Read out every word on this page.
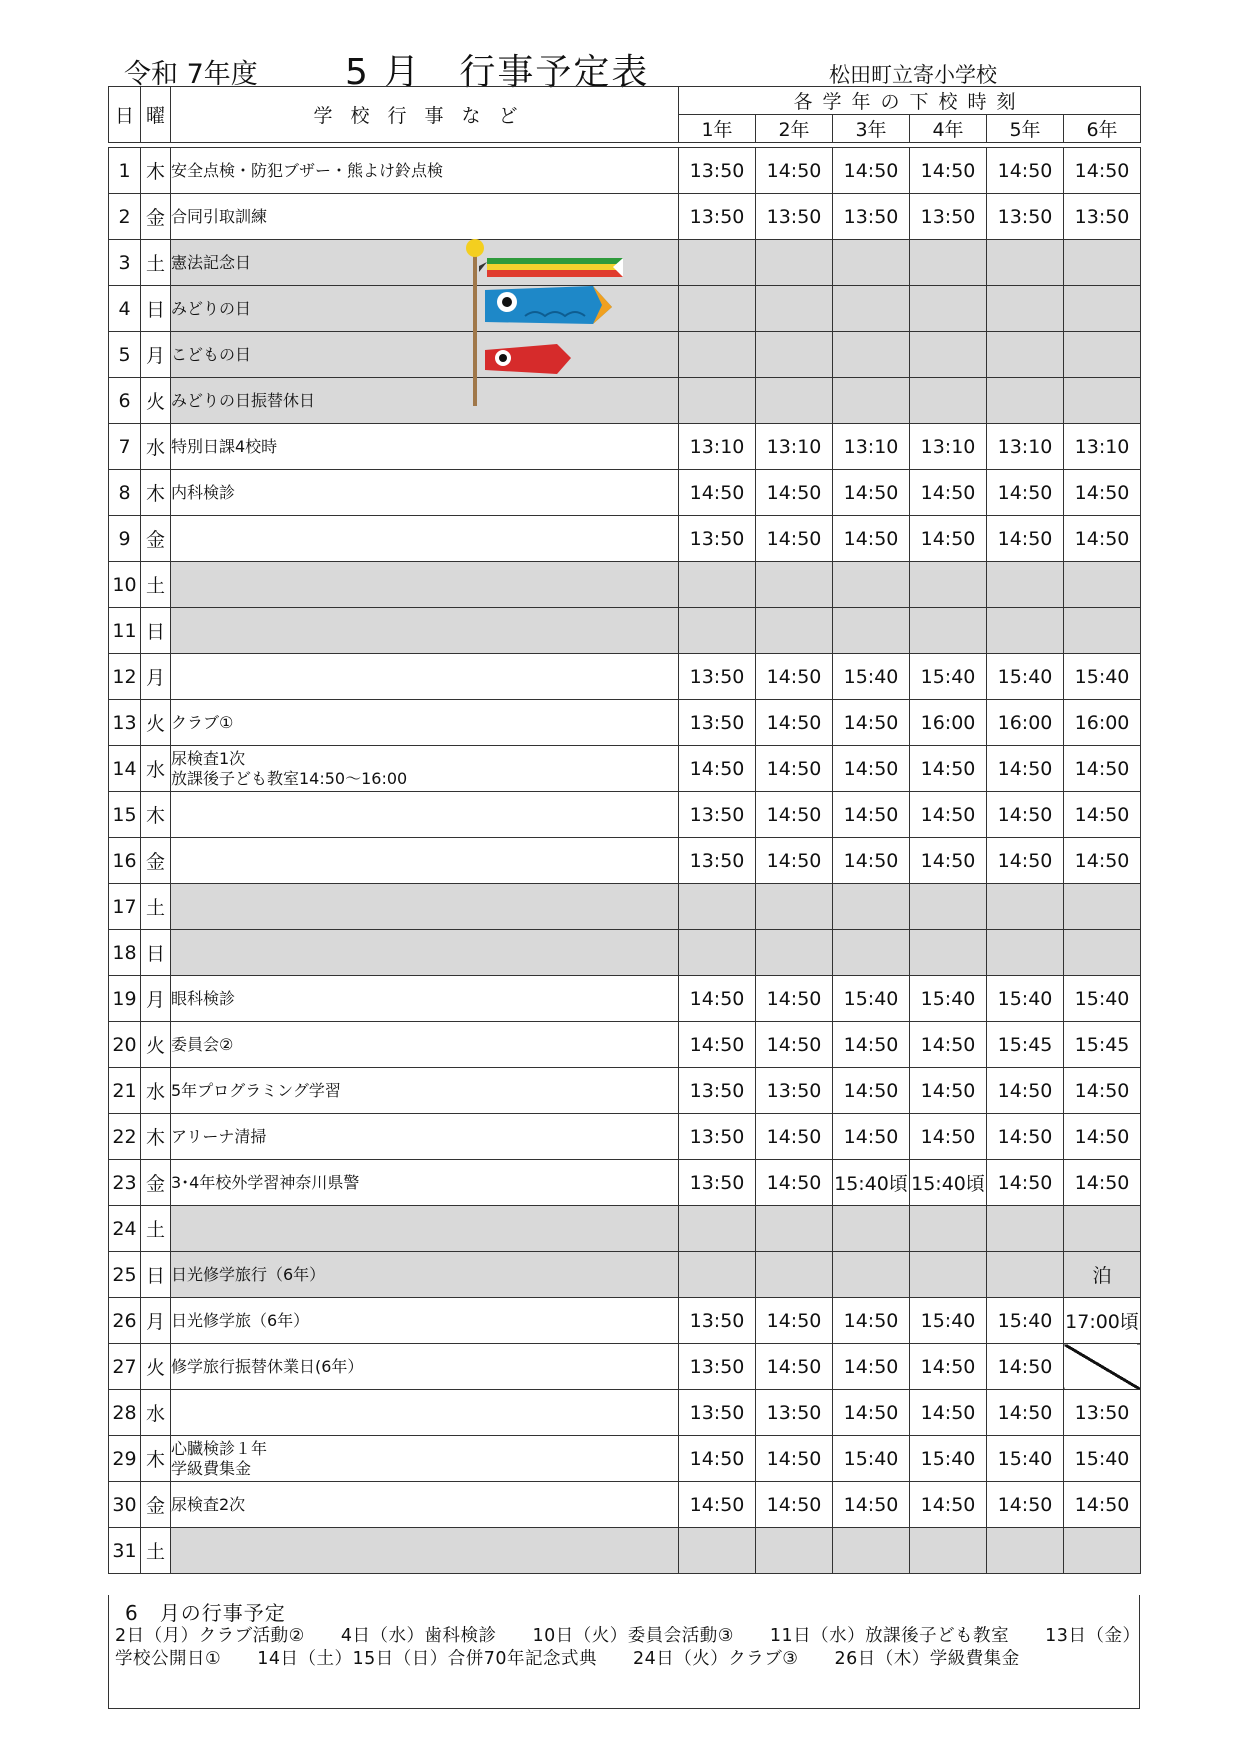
令和 7年度 5 月　行事予定表	松田町立寄小学校
日	曜	学校行事など	各学年の下校時刻					
			1年	2年	3年	4年	5年	6年

1	木	安全点検・防犯ブザー・熊よけ鈴点検	13:50	14:50	14:50	14:50	14:50	14:50
2	金	合同引取訓練	13:50	13:50	13:50	13:50	13:50	13:50
3	土	憲法記念日						

4	日	みどりの日						

5	月	こどもの日						

6	火	みどりの日振替休日						

7	水	特別日課4校時	13:10	13:10	13:10	13:10	13:10	13:10
8	木	内科検診	14:50	14:50	14:50	14:50	14:50	14:50
9	金		13:50	14:50	14:50	14:50	14:50	14:50
10	土	

11	日	

12	月		13:50	14:50	15:40	15:40	15:40	15:40
13	火	クラブ①	13:50	14:50	14:50	16:00	16:00	16:00
14	水	尿検査1次
放課後子ども教室14:50～16:00	14:50	14:50	14:50	14:50	14:50	14:50
15	木		13:50	14:50	14:50	14:50	14:50	14:50
16	金		13:50	14:50	14:50	14:50	14:50	14:50
17	土	

18	日	

19	月	眼科検診	14:50	14:50	15:40	15:40	15:40	15:40
20	火	委員会②	14:50	14:50	14:50	14:50	15:45	15:45
21	水	5年プログラミング学習	13:50	13:50	14:50	14:50	14:50	14:50
22	木	アリーナ清掃	13:50	14:50	14:50	14:50	14:50	14:50
23	金	3･4年校外学習神奈川県警	13:50	14:50	15:40頃	15:40頃	14:50	14:50
24	土	

25	日	日光修学旅行（6年）						泊
26	月	日光修学旅（6年）	13:50	14:50	14:50	15:40	15:40	17:00頃
27	火	修学旅行振替休業日(6年）	13:50	14:50	14:50	14:50	14:50	
28	水		13:50	13:50	14:50	14:50	14:50	13:50
29	木	心臓検診１年
学級費集金	14:50	14:50	15:40	15:40	15:40	15:40
30	金	尿検査2次	14:50	14:50	14:50	14:50	14:50	14:50
31	土	

6　月の行事予定
2日（月）クラブ活動②　　4日（水）歯科検診　　10日（火）委員会活動③　　11日（水）放課後子ども教室　　13日（金）学校公開日①　　14日（土）15日（日）合併70年記念式典　　24日（火）クラブ③　　26日（木）学級費集金
